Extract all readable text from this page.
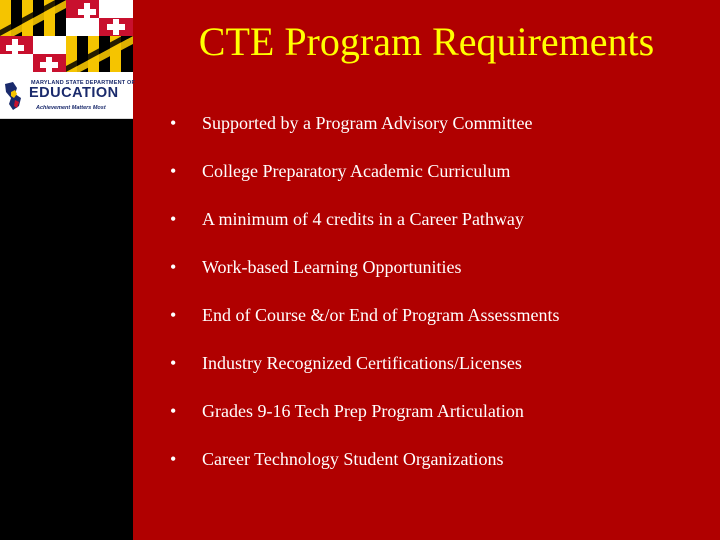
MARYLAND STATE DEPARTMENT OF
EDUCATION
Achievement Matters Most
CTE Program Requirements
• Supported by a Program Advisory Committee
• College Preparatory Academic Curriculum
• A minimum of 4 credits in a Career Pathway
• Work-based Learning Opportunities
• End of Course &/or End of Program Assessments
• Industry Recognized Certifications/Licenses
• Grades 9-16 Tech Prep Program Articulation
• Career Technology Student Organizations
